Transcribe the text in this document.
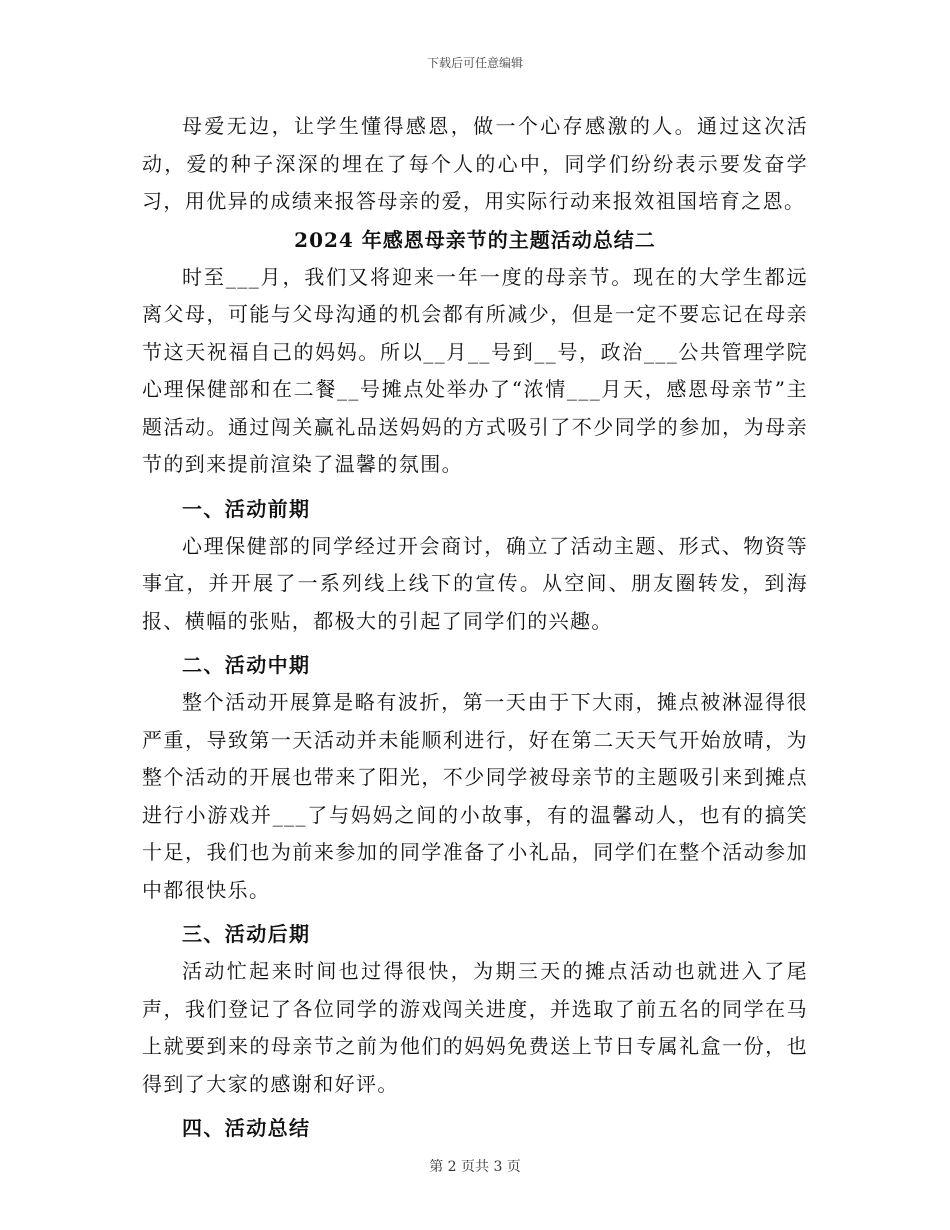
下载后可任意编辑

母爱无边，让学生懂得感恩，做一个心存感激的人。通过这次活动，爱的种子深深的埋在了每个人的心中，同学们纷纷表示要发奋学习，用优异的成绩来报答母亲的爱，用实际行动来报效祖国培育之恩。

2024 年感恩母亲节的主题活动总结二

时至___月，我们又将迎来一年一度的母亲节。现在的大学生都远离父母，可能与父母沟通的机会都有所减少，但是一定不要忘记在母亲节这天祝福自己的妈妈。所以__月__号到__号，政治___公共管理学院心理保健部和在二餐__号摊点处举办了“浓情___月天，感恩母亲节”主题活动。通过闯关赢礼品送妈妈的方式吸引了不少同学的参加，为母亲节的到来提前渲染了温馨的氛围。

一、活动前期

心理保健部的同学经过开会商讨，确立了活动主题、形式、物资等事宜，并开展了一系列线上线下的宣传。从空间、朋友圈转发，到海报、横幅的张贴，都极大的引起了同学们的兴趣。

二、活动中期

整个活动开展算是略有波折，第一天由于下大雨，摊点被淋湿得很严重，导致第一天活动并未能顺利进行，好在第二天天气开始放晴，为整个活动的开展也带来了阳光，不少同学被母亲节的主题吸引来到摊点进行小游戏并___了与妈妈之间的小故事，有的温馨动人，也有的搞笑十足，我们也为前来参加的同学准备了小礼品，同学们在整个活动参加中都很快乐。

三、活动后期

活动忙起来时间也过得很快，为期三天的摊点活动也就进入了尾声，我们登记了各位同学的游戏闯关进度，并选取了前五名的同学在马上就要到来的母亲节之前为他们的妈妈免费送上节日专属礼盒一份，也得到了大家的感谢和好评。

四、活动总结

第 2 页共 3 页
